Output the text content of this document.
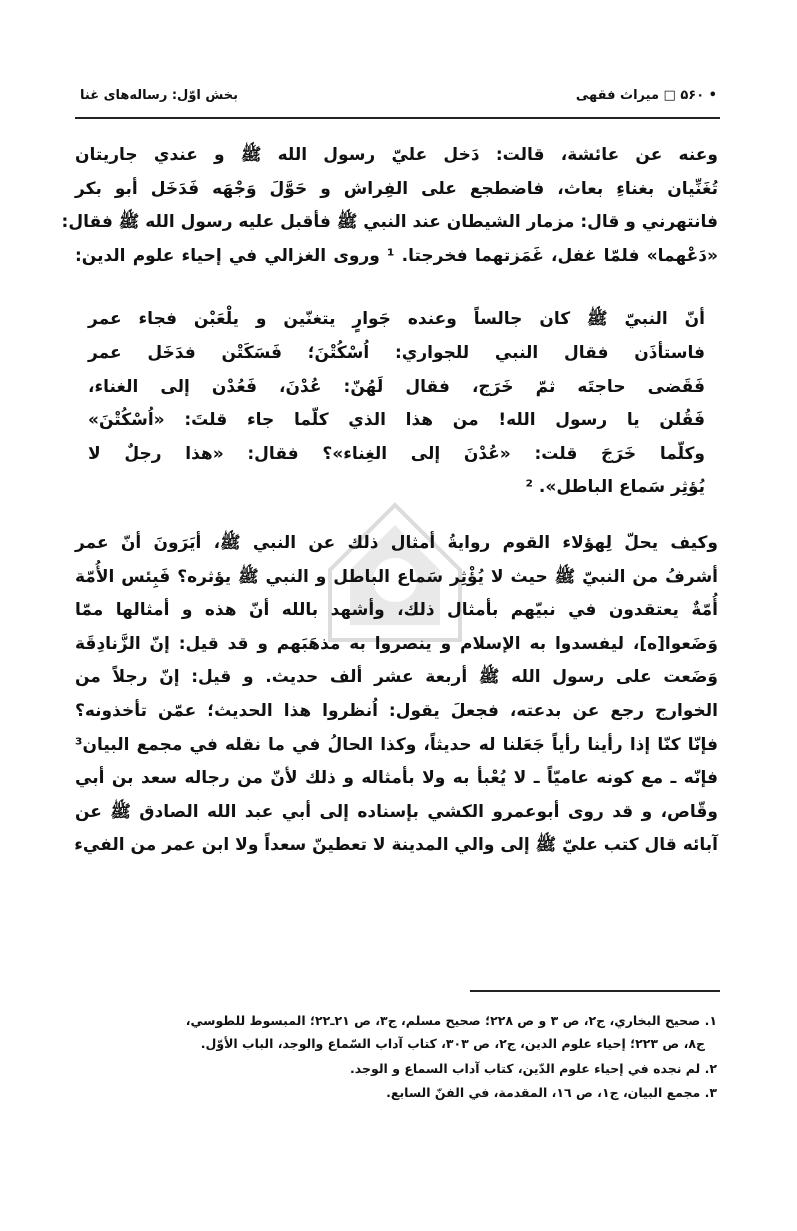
• ۵۶۰ □ میراث فقهی
بخش اوّل: رساله‌های غنا
وعنه عن عائشة، قالت: دَخل عليّ رسول الله ﷺ و عندي جاريتان
تُغَنِّيان بغناءِ بعاث، فاضطجع على الفِراش و حَوَّلَ وَجْهَه فَدَخَل أبو بكر
فانتهرني و قال: مزمار الشيطان عند النبي ﷺ فأقبل عليه رسول الله ﷺ فقال:
«دَعْهما» فلمّا غفل، غَمَزتهما فخرجتا. ¹ وروى الغزالي في إحياء علوم الدين:
أنّ النبيّ ﷺ كان جالساً وعنده جَوارٍ يتغنّين و يلْعَبْن فجاء عمر
فاستأذَن فقال النبي للجواري: اُسْكُتْنَ؛ فَسَكَتْن فدَخَل عمر
فَقَضى حاجتَه ثمّ خَرَج، فقال لَهُنّ: عُدْنَ، فَعُدْن إلى الغناء،
فَقُلن يا رسول الله! من هذا الذي كلّما جاء قلتَ: «اُسْكُتْنَ»
وكلّما خَرَجَ قلت: «عُدْنَ إلى الغِناء»؟ فقال: «هذا رجلٌ لا
يُؤثِر سَماع الباطل». ²
وكيف يحلّ لِهؤلاء القوم روايةُ أمثال ذلك عن النبي ﷺ، أيَرَونَ أنّ عمر
أشرفُ من النبيّ ﷺ حيث لا يُؤْثِر سَماع الباطل و النبي ﷺ يؤثره؟ فَبِئس الأُمّة
أُمّةٌ يعتقدون في نبيّهم بأمثال ذلك، وأشهد بالله أنّ هذه و أمثالها ممّا
وَضَعوا[ه]، ليفسدوا به الإسلام و ينصروا به مذهَبَهم و قد قيل: إنّ الزَّنادِقَة
وَضَعت على رسول الله ﷺ أربعة عشر ألف حديث. و قيل: إنّ رجلاً من
الخوارج رجع عن بدعته، فجعلَ يقول: اُنظروا هذا الحديث؛ عمّن تأخذونه؟
فإنّا كنّا إذا رأينا رأياً جَعَلنا له حديثاً، وكذا الحالُ في ما نقله في مجمع البيان³
فإنّه ـ مع كونه عاميّاً ـ لا يُعْبأ به ولا بأمثاله و ذلك لأنّ من رجاله سعد بن أبي
وقّاص، و قد روى أبوعمرو الكشي بإسناده إلى أبي عبد الله الصادق ﷺ عن
آبائه قال كتب عليّ ﷺ إلى والي المدينة لا تعطينّ سعداً ولا ابن عمر من الفيء
١. صحيح البخاري، ج٢، ص ٣ و ص ٢٢٨؛ صحيح مسلم، ج٣، ص ٢١ـ٢٢؛ المبسوط للطوسي،
ج٨، ص ٢٢٣؛ إحياء علوم الدين، ج٢، ص ٣٠٣، كتاب آداب السّماع والوجد، الباب الأوّل.
٢. لم نجده في إحياء علوم الدّين، كتاب آداب السماع و الوجد.
٣. مجمع البيان، ج١، ص ١٦، المقدمة، في الفنّ السابع.
